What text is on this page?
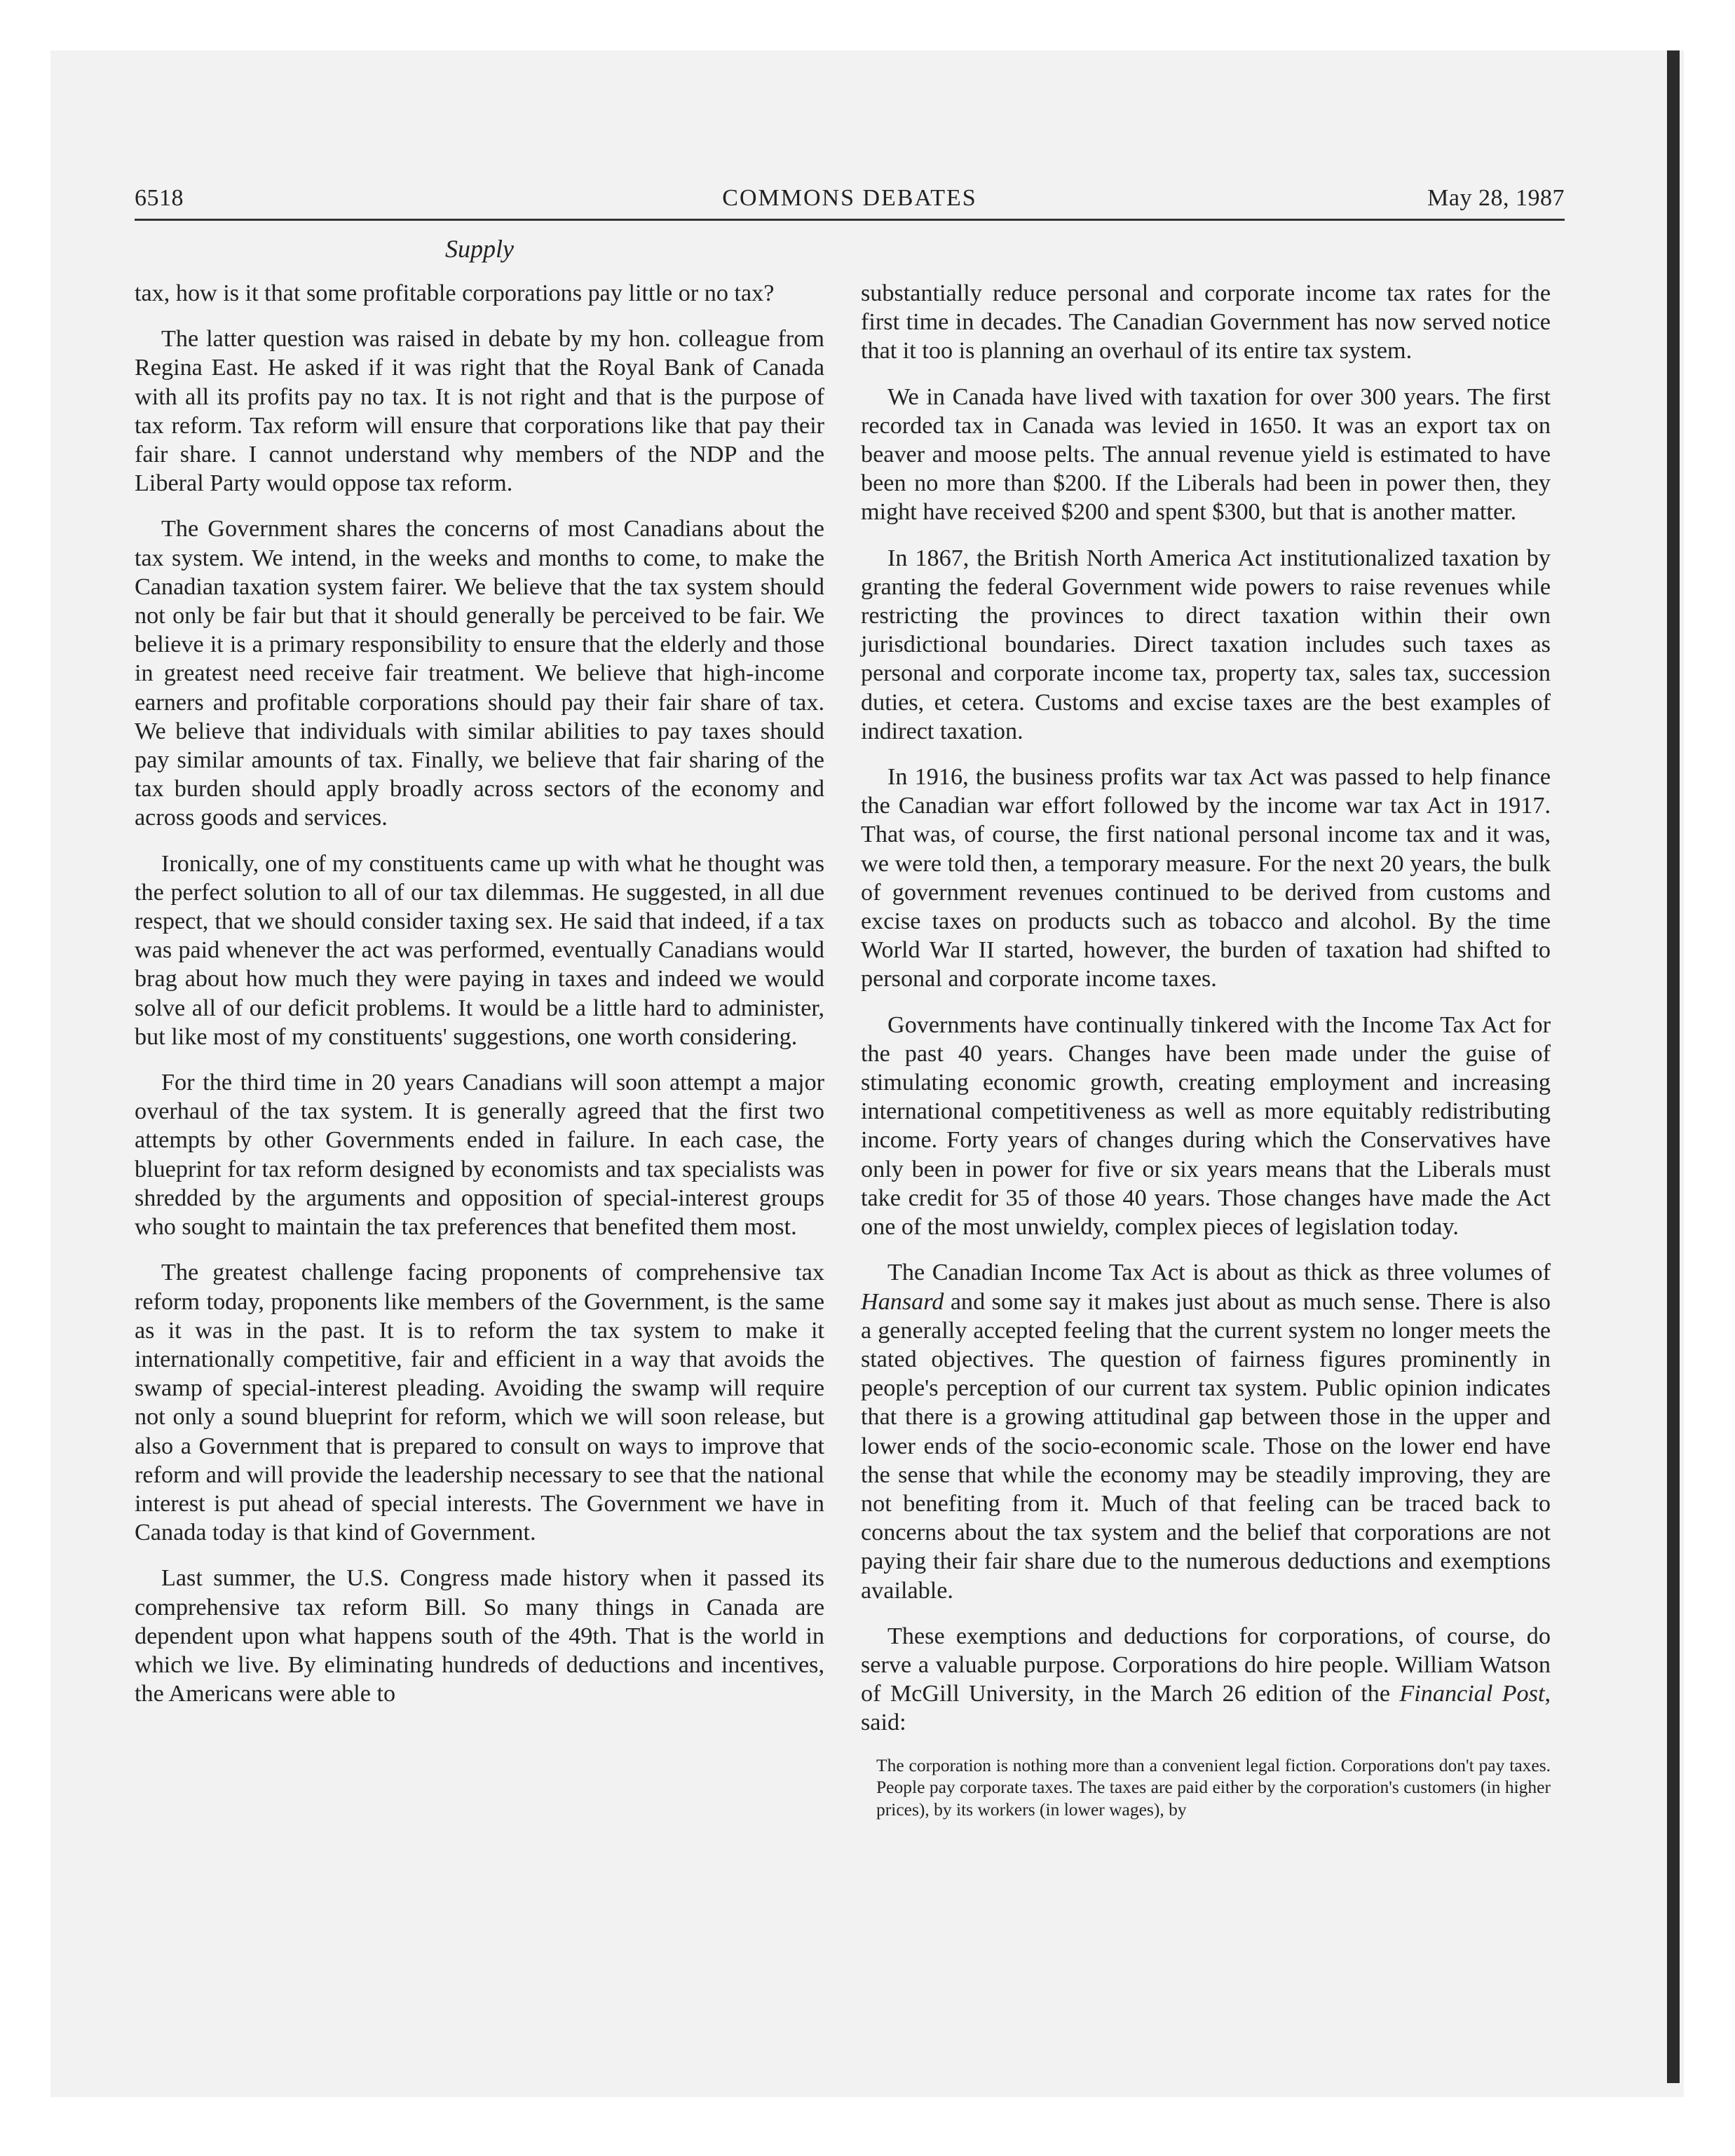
6518	COMMONS DEBATES	May 28, 1987
Supply

tax, how is it that some profitable corporations pay little or no tax?

The latter question was raised in debate by my hon. colleague from Regina East. He asked if it was right that the Royal Bank of Canada with all its profits pay no tax. It is not right and that is the purpose of tax reform. Tax reform will ensure that corporations like that pay their fair share. I cannot understand why members of the NDP and the Liberal Party would oppose tax reform.

The Government shares the concerns of most Canadians about the tax system. We intend, in the weeks and months to come, to make the Canadian taxation system fairer. We believe that the tax system should not only be fair but that it should generally be perceived to be fair. We believe it is a primary responsibility to ensure that the elderly and those in greatest need receive fair treatment. We believe that high-income earners and profitable corporations should pay their fair share of tax. We believe that individuals with similar abilities to pay taxes should pay similar amounts of tax. Finally, we believe that fair sharing of the tax burden should apply broadly across sectors of the economy and across goods and services.

Ironically, one of my constituents came up with what he thought was the perfect solution to all of our tax dilemmas. He suggested, in all due respect, that we should consider taxing sex. He said that indeed, if a tax was paid whenever the act was performed, eventually Canadians would brag about how much they were paying in taxes and indeed we would solve all of our deficit problems. It would be a little hard to administer, but like most of my constituents' suggestions, one worth considering.

For the third time in 20 years Canadians will soon attempt a major overhaul of the tax system. It is generally agreed that the first two attempts by other Governments ended in failure. In each case, the blueprint for tax reform designed by economists and tax specialists was shredded by the arguments and opposition of special-interest groups who sought to maintain the tax preferences that benefited them most.

The greatest challenge facing proponents of comprehensive tax reform today, proponents like members of the Government, is the same as it was in the past. It is to reform the tax system to make it internationally competitive, fair and efficient in a way that avoids the swamp of special-interest pleading. Avoiding the swamp will require not only a sound blueprint for reform, which we will soon release, but also a Government that is prepared to consult on ways to improve that reform and will provide the leadership necessary to see that the national interest is put ahead of special interests. The Government we have in Canada today is that kind of Government.

Last summer, the U.S. Congress made history when it passed its comprehensive tax reform Bill. So many things in Canada are dependent upon what happens south of the 49th. That is the world in which we live. By eliminating hundreds of deductions and incentives, the Americans were able to

substantially reduce personal and corporate income tax rates for the first time in decades. The Canadian Government has now served notice that it too is planning an overhaul of its entire tax system.

We in Canada have lived with taxation for over 300 years. The first recorded tax in Canada was levied in 1650. It was an export tax on beaver and moose pelts. The annual revenue yield is estimated to have been no more than $200. If the Liberals had been in power then, they might have received $200 and spent $300, but that is another matter.

In 1867, the British North America Act institutionalized taxation by granting the federal Government wide powers to raise revenues while restricting the provinces to direct taxation within their own jurisdictional boundaries. Direct taxation includes such taxes as personal and corporate income tax, property tax, sales tax, succession duties, et cetera. Customs and excise taxes are the best examples of indirect taxation.

In 1916, the business profits war tax Act was passed to help finance the Canadian war effort followed by the income war tax Act in 1917. That was, of course, the first national personal income tax and it was, we were told then, a temporary measure. For the next 20 years, the bulk of government revenues continued to be derived from customs and excise taxes on products such as tobacco and alcohol. By the time World War II started, however, the burden of taxation had shifted to personal and corporate income taxes.

Governments have continually tinkered with the Income Tax Act for the past 40 years. Changes have been made under the guise of stimulating economic growth, creating employment and increasing international competitiveness as well as more equitably redistributing income. Forty years of changes during which the Conservatives have only been in power for five or six years means that the Liberals must take credit for 35 of those 40 years. Those changes have made the Act one of the most unwieldy, complex pieces of legislation today.

The Canadian Income Tax Act is about as thick as three volumes of Hansard and some say it makes just about as much sense. There is also a generally accepted feeling that the current system no longer meets the stated objectives. The question of fairness figures prominently in people's perception of our current tax system. Public opinion indicates that there is a growing attitudinal gap between those in the upper and lower ends of the socio-economic scale. Those on the lower end have the sense that while the economy may be steadily improving, they are not benefiting from it. Much of that feeling can be traced back to concerns about the tax system and the belief that corporations are not paying their fair share due to the numerous deductions and exemptions available.

These exemptions and deductions for corporations, of course, do serve a valuable purpose. Corporations do hire people. William Watson of McGill University, in the March 26 edition of the Financial Post, said:

The corporation is nothing more than a convenient legal fiction. Corporations don't pay taxes. People pay corporate taxes. The taxes are paid either by the corporation's customers (in higher prices), by its workers (in lower wages), by
